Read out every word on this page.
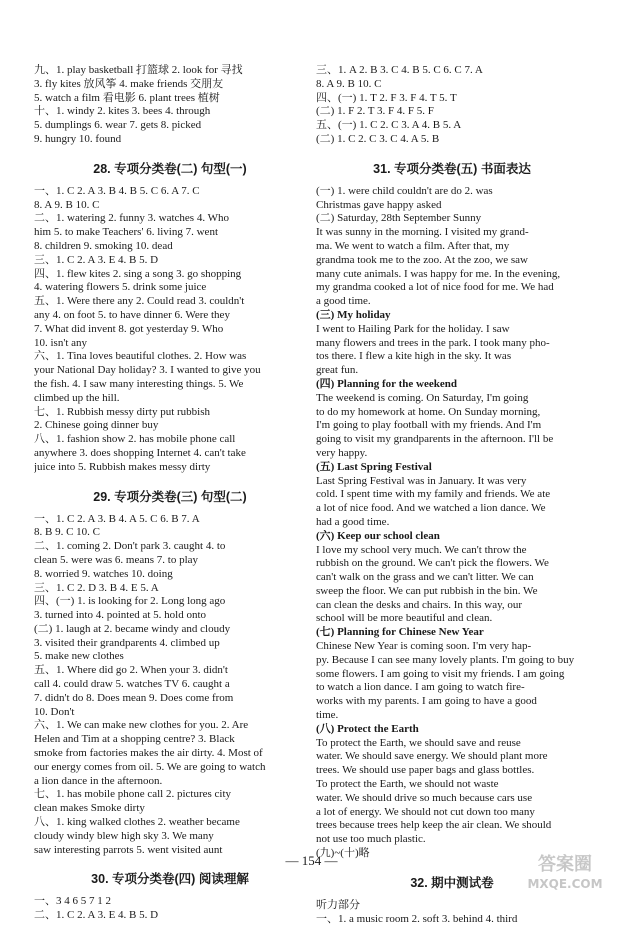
九、1. play basketball 打篮球 2. look for 寻找
3. fly kites 放风筝 4. make friends 交朋友
5. watch a film 看电影 6. plant trees 植树
十、1. windy 2. kites 3. bees 4. through
5. dumplings 6. wear 7. gets 8. picked
9. hungry 10. found
28. 专项分类卷(二) 句型(一)
一、1. C 2. A 3. B 4. B 5. C 6. A 7. C
8. A 9. B 10. C
二、1. watering 2. funny 3. watches 4. Who
him 5. to make Teachers' 6. living 7. went
8. children 9. smoking 10. dead
三、1. C 2. A 3. E 4. B 5. D
四、1. flew kites 2. sing a song 3. go shopping
4. watering flowers 5. drink some juice
五、1. Were there any 2. Could read 3. couldn't
any 4. on foot 5. to have dinner 6. Were they
7. What did invent 8. got yesterday 9. Who
10. isn't any
六、1. Tina loves beautiful clothes. 2. How was
your National Day holiday? 3. I wanted to give you
the fish. 4. I saw many interesting things. 5. We
climbed up the hill.
七、1. Rubbish messy dirty put rubbish
2. Chinese going dinner buy
八、1. fashion show 2. has mobile phone call
anywhere 3. does shopping Internet 4. can't take
juice into 5. Rubbish makes messy dirty
29. 专项分类卷(三) 句型(二)
一、1. C 2. A 3. B 4. A 5. C 6. B 7. A
8. B 9. C 10. C
二、1. coming 2. Don't park 3. caught 4. to
clean 5. were was 6. means 7. to play
8. worried 9. watches 10. doing
三、1. C 2. D 3. B 4. E 5. A
四、(一) 1. is looking for 2. Long long ago
3. turned into 4. pointed at 5. hold onto
(二) 1. laugh at 2. became windy and cloudy
3. visited their grandparents 4. climbed up
5. make new clothes
五、1. Where did go 2. When your 3. didn't
call 4. could draw 5. watches TV 6. caught a
7. didn't do 8. Does mean 9. Does come from
10. Don't
六、1. We can make new clothes for you. 2. Are
Helen and Tim at a shopping centre? 3. Black
smoke from factories makes the air dirty. 4. Most of
our energy comes from oil. 5. We are going to watch
a lion dance in the afternoon.
七、1. has mobile phone call 2. pictures city
clean makes Smoke dirty
八、1. king walked clothes 2. weather became
cloudy windy blew high sky 3. We many
saw interesting parrots 5. went visited aunt
30. 专项分类卷(四) 阅读理解
一、3 4 6 5 7 1 2
二、1. C 2. A 3. E 4. B 5. D
三、1. A 2. B 3. C 4. B 5. C 6. C 7. A
8. A 9. B 10. C
四、(一) 1. T 2. F 3. F 4. T 5. T
(二) 1. F 2. T 3. F 4. F 5. F
五、(一) 1. C 2. C 3. A 4. B 5. A
(二) 1. C 2. C 3. C 4. A 5. B
31. 专项分类卷(五) 书面表达
(一) 1. were child couldn't are do 2. was
Christmas gave happy asked
(二) Saturday, 28th September Sunny
It was sunny in the morning. I visited my grand-
ma. We went to watch a film. After that, my
grandma took me to the zoo. At the zoo, we saw
many cute animals. I was happy for me. In the evening,
my grandma cooked a lot of nice food for me. We had
a good time.
(三) My holiday
I went to Hailing Park for the holiday. I saw
many flowers and trees in the park. I took many pho-
tos there. I flew a kite high in the sky. It was
great fun.
(四) Planning for the weekend
The weekend is coming. On Saturday, I'm going
to do my homework at home. On Sunday morning,
I'm going to play football with my friends. And I'm
going to visit my grandparents in the afternoon. I'll be
very happy.
(五) Last Spring Festival
Last Spring Festival was in January. It was very
cold. I spent time with my family and friends. We ate
a lot of nice food. And we watched a lion dance. We
had a good time.
(六) Keep our school clean
I love my school very much. We can't throw the
rubbish on the ground. We can't pick the flowers. We
can't walk on the grass and we can't litter. We can
sweep the floor. We can put rubbish in the bin. We
can clean the desks and chairs. In this way, our
school will be more beautiful and clean.
(七) Planning for Chinese New Year
Chinese New Year is coming soon. I'm very hap-
py. Because I can see many lovely plants. I'm going to buy
some flowers. I am going to visit my friends. I am going
to watch a lion dance. I am going to watch fire-
works with my parents. I am going to have a good
time.
(八) Protect the Earth
To protect the Earth, we should save and reuse
water. We should save energy. We should plant more
trees. We should use paper bags and glass bottles.
To protect the Earth, we should not waste
water. We should drive so much because cars use
a lot of energy. We should not cut down too many
trees because trees help keep the air clean. We should
not use too much plastic.
(九)~(十)略
32. 期中测试卷
听力部分
一、1. a music room 2. soft 3. behind 4. third
— 154 —	答案圈
MXQE.COM
